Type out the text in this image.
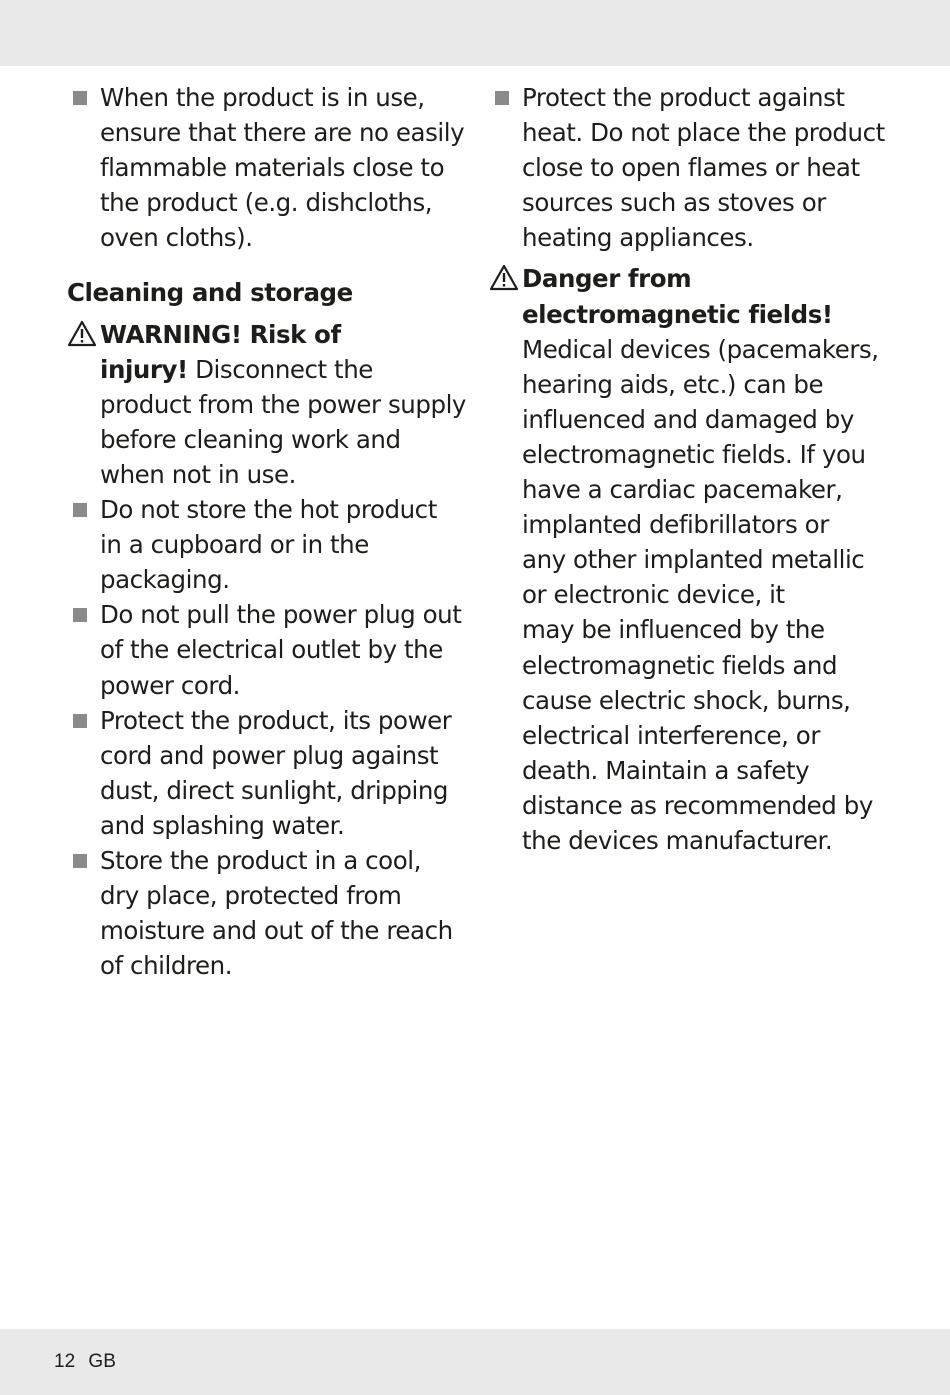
When the product is in use,
ensure that there are no easily
flammable materials close to
the product (e.g. dishcloths,
oven cloths).
Cleaning and storage
WARNING! Risk of
injury! Disconnect the
product from the power supply
before cleaning work and
when not in use.
Do not store the hot product
in a cupboard or in the
packaging.
Do not pull the power plug out
of the electrical outlet by the
power cord.
Protect the product, its power
cord and power plug against
dust, direct sunlight, dripping
and splashing water.
Store the product in a cool,
dry place, protected from
moisture and out of the reach
of children.
Protect the product against
heat. Do not place the product
close to open flames or heat
sources such as stoves or
heating appliances.
Danger from
electromagnetic fields!
Medical devices (pacemakers,
hearing aids, etc.) can be
influenced and damaged by
electromagnetic fields. If you
have a cardiac pacemaker,
implanted defibrillators or
any other implanted metallic
or electronic device, it
may be influenced by the
electromagnetic fields and
cause electric shock, burns,
electrical interference, or
death. Maintain a safety
distance as recommended by
the devices manufacturer.
12 GB
